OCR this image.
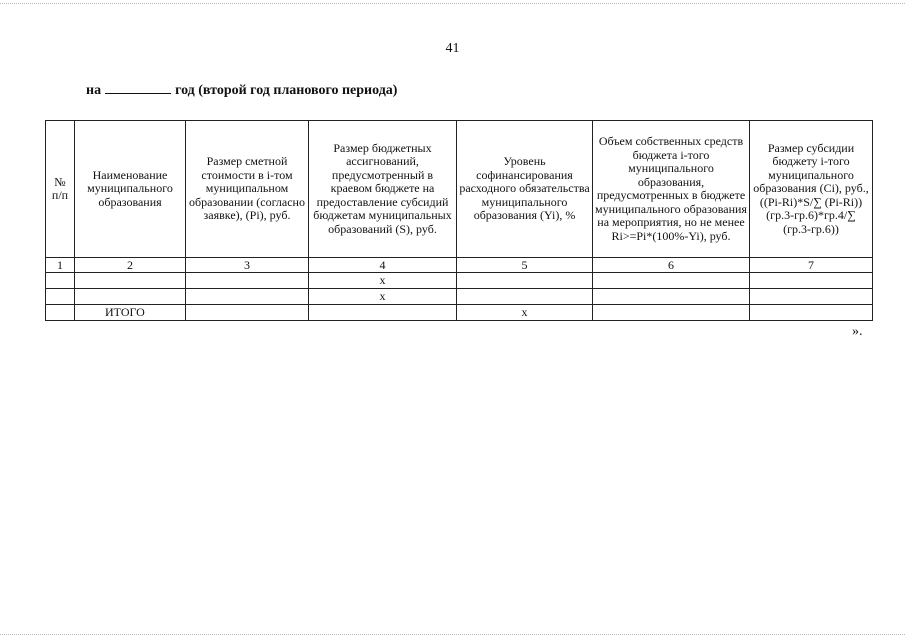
41
на	год (второй год планового периода)
№ п/п	Наименование муниципального образования	Размер сметной стоимости в i-том муниципальном образовании (согласно заявке), (Pi), руб.	Размер бюджетных ассигнований, предусмотренный в краевом бюджете на предоставление субсидий бюджетам муниципальных образований (S), руб.	Уровень софинансирования расходного обязательства муниципального образования (Yi), %	Объем собственных средств бюджета i-того муниципального образования, предусмотренных в бюджете муниципального образования на мероприятия, но не менее Ri>=Pi*(100%-Yi), руб.	Размер субсидии бюджету i-того муниципального образования (Ci), руб., ((Pi-Ri)*S/∑ (Pi-Ri)) (гр.3-гр.6)*гр.4/∑ (гр.3-гр.6))
1	2	3	4	5	6	7
			x			
			x			
	ИТОГО			x		
».
